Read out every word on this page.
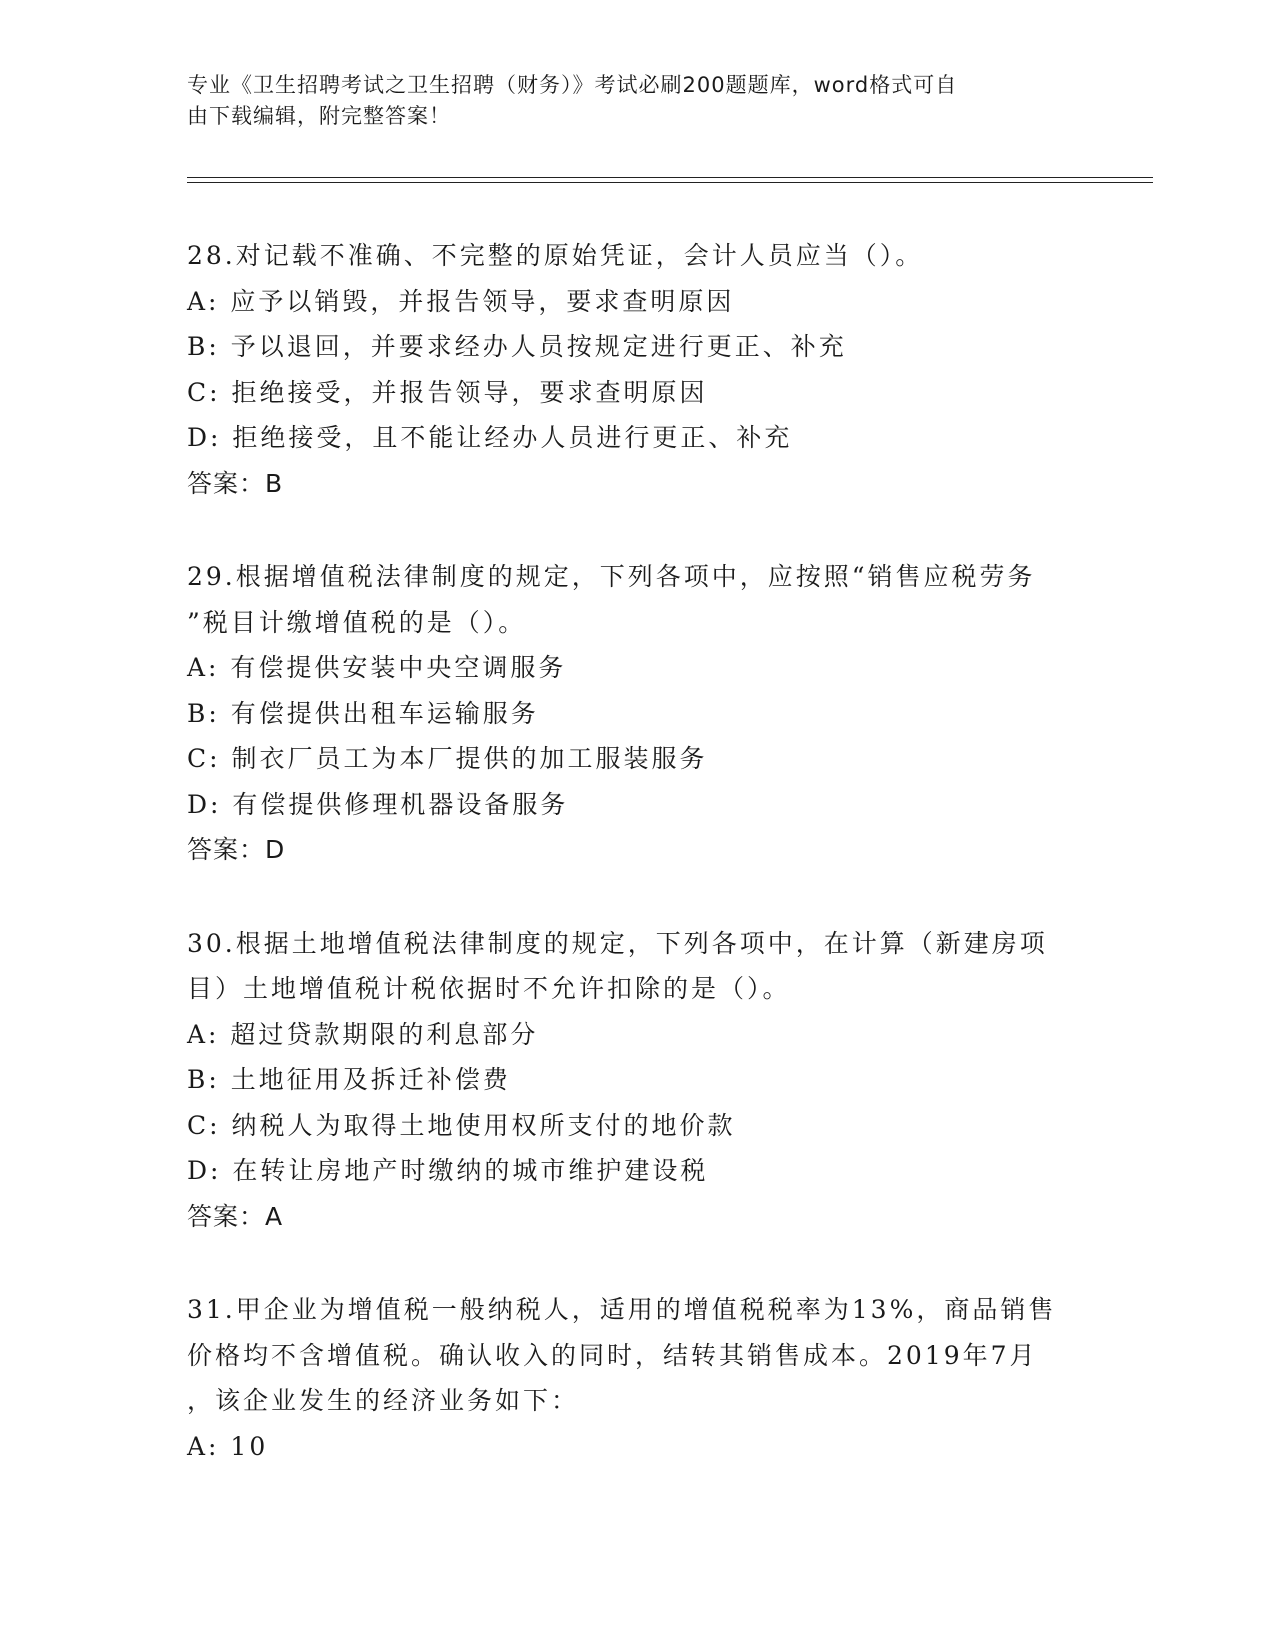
专业《卫生招聘考试之卫生招聘（财务）》考试必刷200题题库，word格式可自
由下载编辑，附完整答案！

28.对记载不准确、不完整的原始凭证，会计人员应当（）。

A: 应予以销毁，并报告领导，要求查明原因

B: 予以退回，并要求经办人员按规定进行更正、补充

C: 拒绝接受，并报告领导，要求查明原因

D: 拒绝接受，且不能让经办人员进行更正、补充

答案：B

29.根据增值税法律制度的规定，下列各项中，应按照“销售应税劳务

”税目计缴增值税的是（）。

A: 有偿提供安装中央空调服务

B: 有偿提供出租车运输服务

C: 制衣厂员工为本厂提供的加工服装服务

D: 有偿提供修理机器设备服务

答案：D

30.根据土地增值税法律制度的规定，下列各项中，在计算（新建房项

目）土地增值税计税依据时不允许扣除的是（）。

A: 超过贷款期限的利息部分

B: 土地征用及拆迁补偿费

C: 纳税人为取得土地使用权所支付的地价款

D: 在转让房地产时缴纳的城市维护建设税

答案：A

31.甲企业为增值税一般纳税人，适用的增值税税率为13%，商品销售

价格均不含增值税。确认收入的同时，结转其销售成本。2019年7月

，该企业发生的经济业务如下：

A: 10
